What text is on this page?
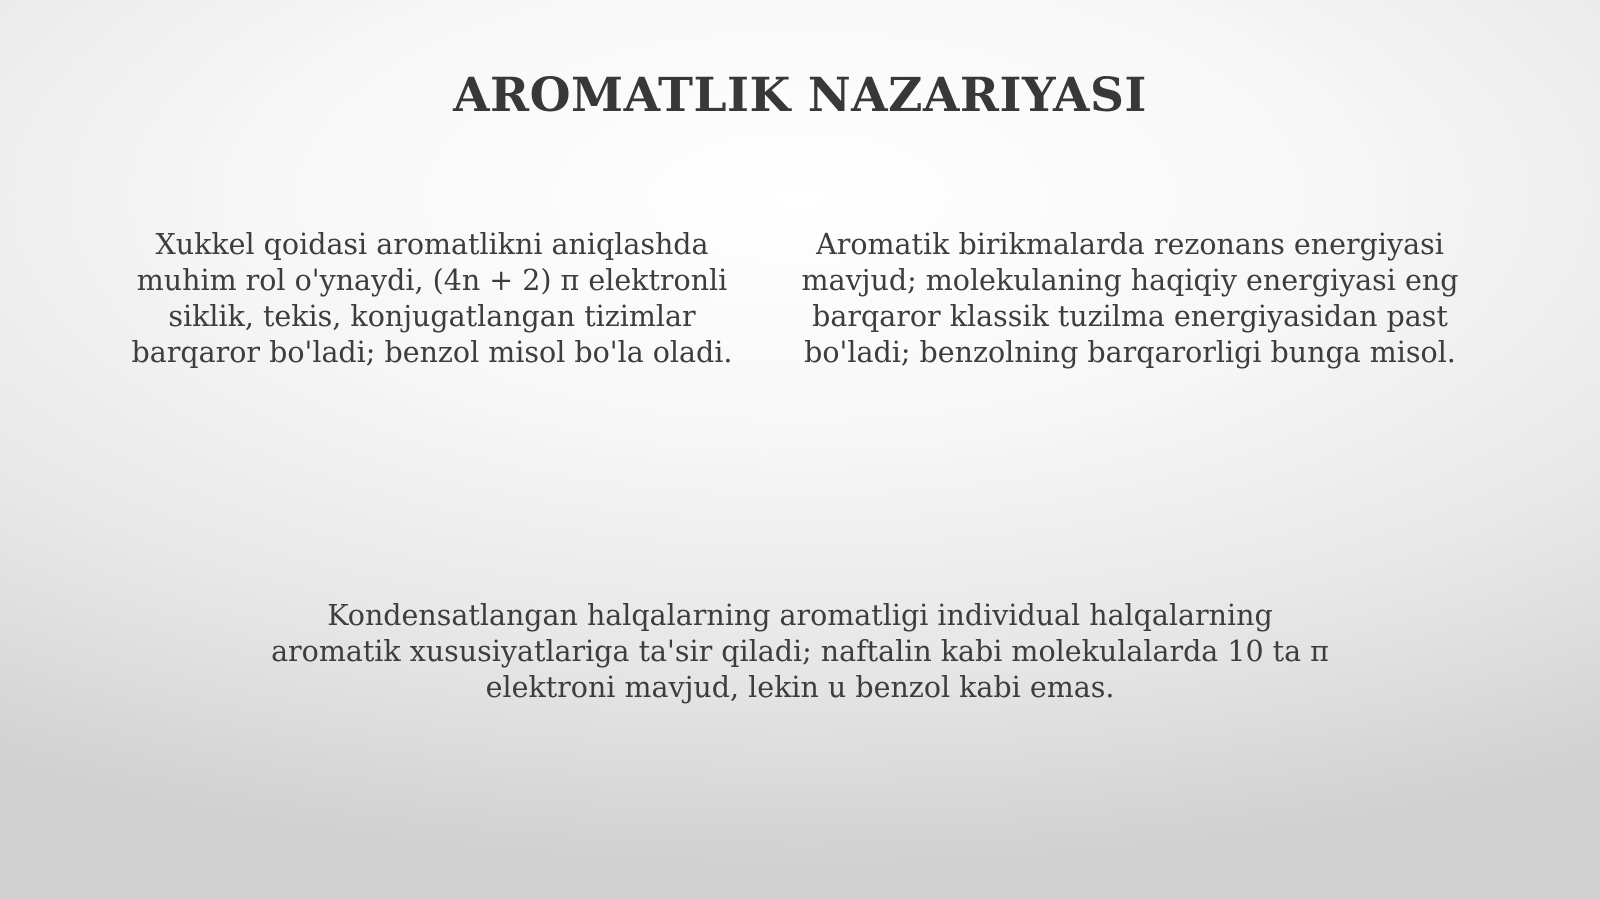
AROMATLIK NAZARIYASI

Xukkel qoidasi aromatlikni aniqlashda muhim rol o'ynaydi, (4n + 2) π elektronli siklik, tekis, konjugatlangan tizimlar barqaror bo'ladi; benzol misol bo'la oladi.

Aromatik birikmalarda rezonans energiyasi mavjud; molekulaning haqiqiy energiyasi eng barqaror klassik tuzilma energiyasidan past bo'ladi; benzolning barqarorligi bunga misol.

Kondensatlangan halqalarning aromatligi individual halqalarning aromatik xususiyatlariga ta'sir qiladi; naftalin kabi molekulalarda 10 ta π elektroni mavjud, lekin u benzol kabi emas.
